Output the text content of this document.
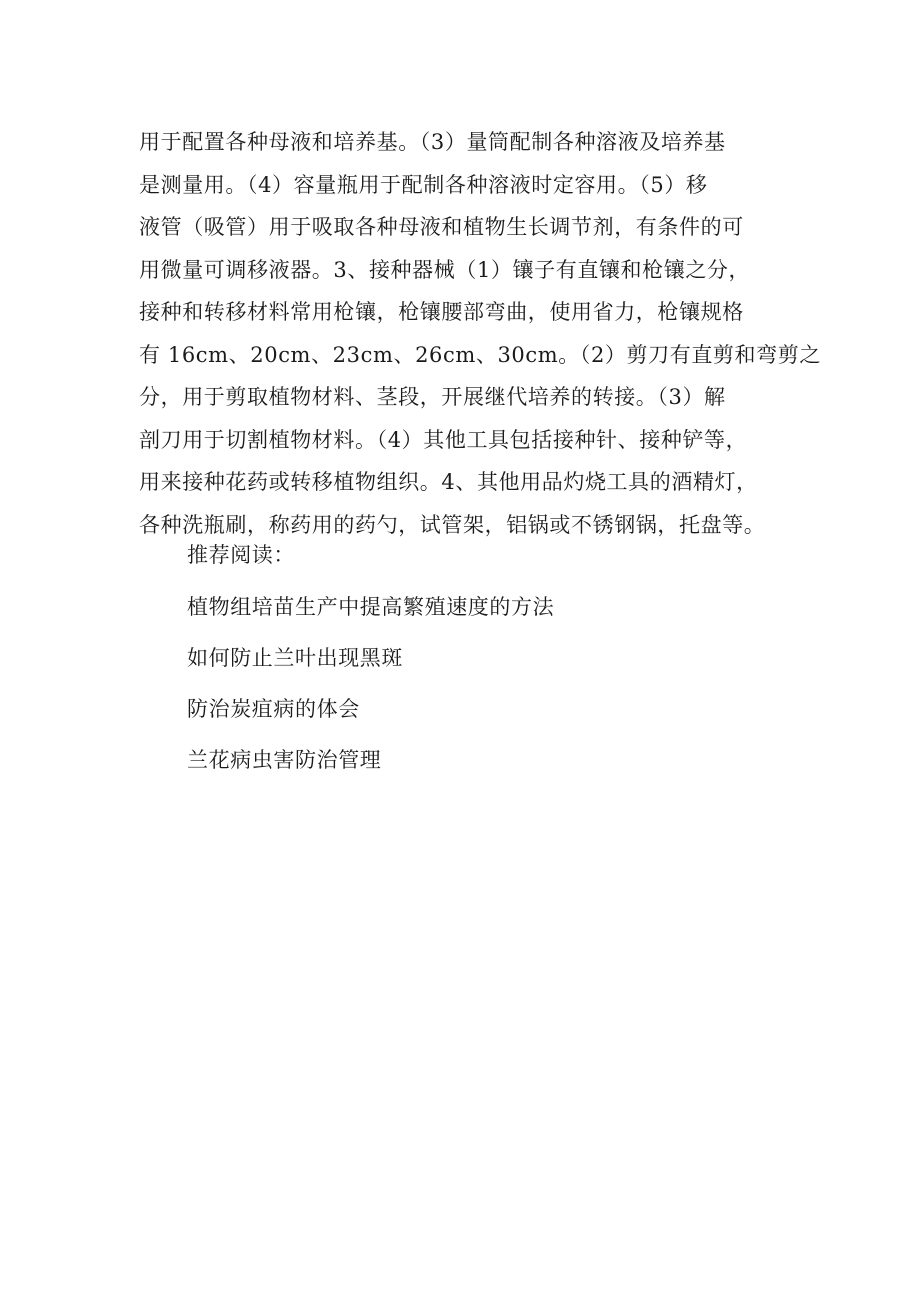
用于配置各种母液和培养基。（3）量筒配制各种溶液及培养基
是测量用。（4）容量瓶用于配制各种溶液时定容用。（5）移
液管（吸管）用于吸取各种母液和植物生长调节剂，有条件的可
用微量可调移液器。3、接种器械（1）镶子有直镶和枪镶之分，
接种和转移材料常用枪镶，枪镶腰部弯曲，使用省力，枪镶规格
有 16cm、20cm、23cm、26cm、30cm。（2）剪刀有直剪和弯剪之
分，用于剪取植物材料、茎段，开展继代培养的转接。（3）解
剖刀用于切割植物材料。（4）其他工具包括接种针、接种铲等，
用来接种花药或转移植物组织。4、其他用品灼烧工具的酒精灯，
各种洗瓶刷，称药用的药勺，试管架，铝锅或不锈钢锅，托盘等。

推荐阅读：

植物组培苗生产中提高繁殖速度的方法
如何防止兰叶出现黑斑
防治炭疽病的体会
兰花病虫害防治管理
